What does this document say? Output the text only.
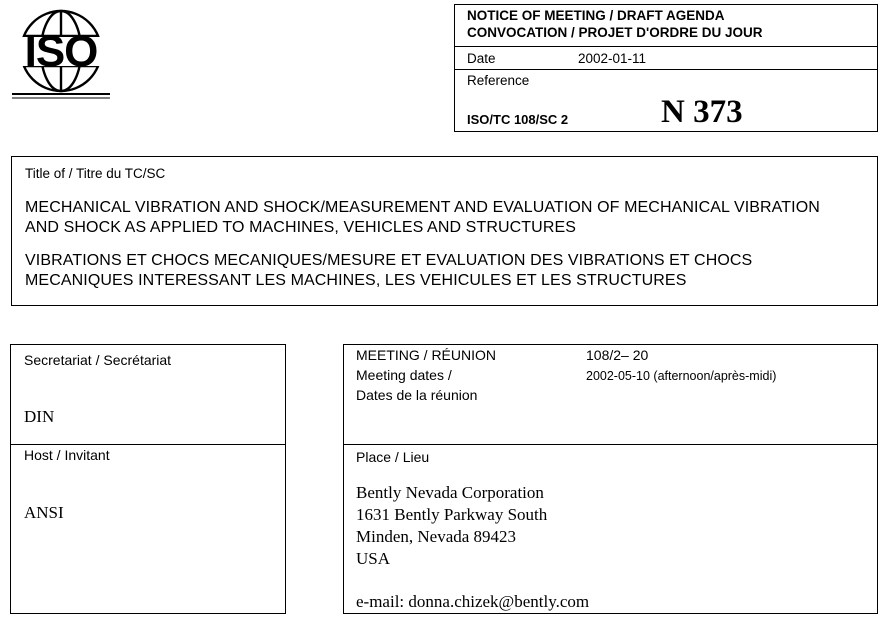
ISO
NOTICE OF MEETING / DRAFT AGENDA
CONVOCATION / PROJET D'ORDRE DU JOUR
Date	2002-01-11
Reference
ISO/TC 108/SC 2	N 373
Title of / Titre du TC/SC
MECHANICAL VIBRATION AND SHOCK/MEASUREMENT AND EVALUATION OF MECHANICAL VIBRATION
AND SHOCK AS APPLIED TO MACHINES, VEHICLES AND STRUCTURES
VIBRATIONS ET CHOCS MECANIQUES/MESURE ET EVALUATION DES VIBRATIONS ET CHOCS
MECANIQUES INTERESSANT LES MACHINES, LES VEHICULES ET LES STRUCTURES
Secretariat / Secrétariat
DIN
Host / Invitant
ANSI
MEETING / RÉUNION	108/2– 20
Meeting dates /	2002-05-10 (afternoon/après-midi)
Dates de la réunion
Place / Lieu
Bently Nevada Corporation
1631 Bently Parkway South
Minden, Nevada 89423
USA
e-mail: donna.chizek@bently.com
